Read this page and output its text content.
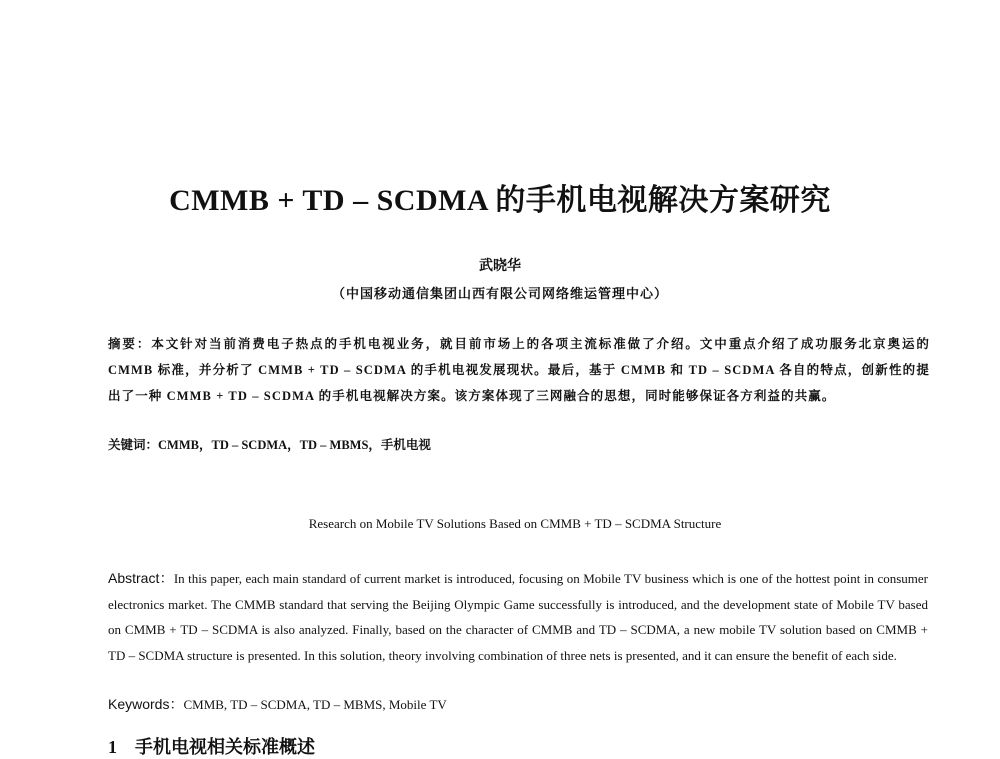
CMMB + TD – SCDMA 的手机电视解决方案研究
武晓华
（中国移动通信集团山西有限公司网络维运管理中心）
摘要：本文针对当前消费电子热点的手机电视业务，就目前市场上的各项主流标准做了介绍。文中重点介绍了成功服务北京奥运的 CMMB 标准，并分析了 CMMB + TD – SCDMA 的手机电视发展现状。最后，基于 CMMB 和 TD – SCDMA 各自的特点，创新性的提出了一种 CMMB + TD – SCDMA 的手机电视解决方案。该方案体现了三网融合的思想，同时能够保证各方利益的共赢。
关键词：CMMB，TD – SCDMA，TD – MBMS，手机电视
Research on Mobile TV Solutions Based on CMMB + TD – SCDMA Structure
Abstract：In this paper, each main standard of current market is introduced, focusing on Mobile TV business which is one of the hottest point in consumer electronics market. The CMMB standard that serving the Beijing Olympic Game successfully is introduced, and the development state of Mobile TV based on CMMB + TD – SCDMA is also analyzed. Finally, based on the character of CMMB and TD – SCDMA, a new mobile TV solution based on CMMB + TD – SCDMA structure is presented. In this solution, theory involving combination of three nets is presented, and it can ensure the benefit of each side.
Keywords：CMMB, TD – SCDMA, TD – MBMS, Mobile TV
1　手机电视相关标准概述
